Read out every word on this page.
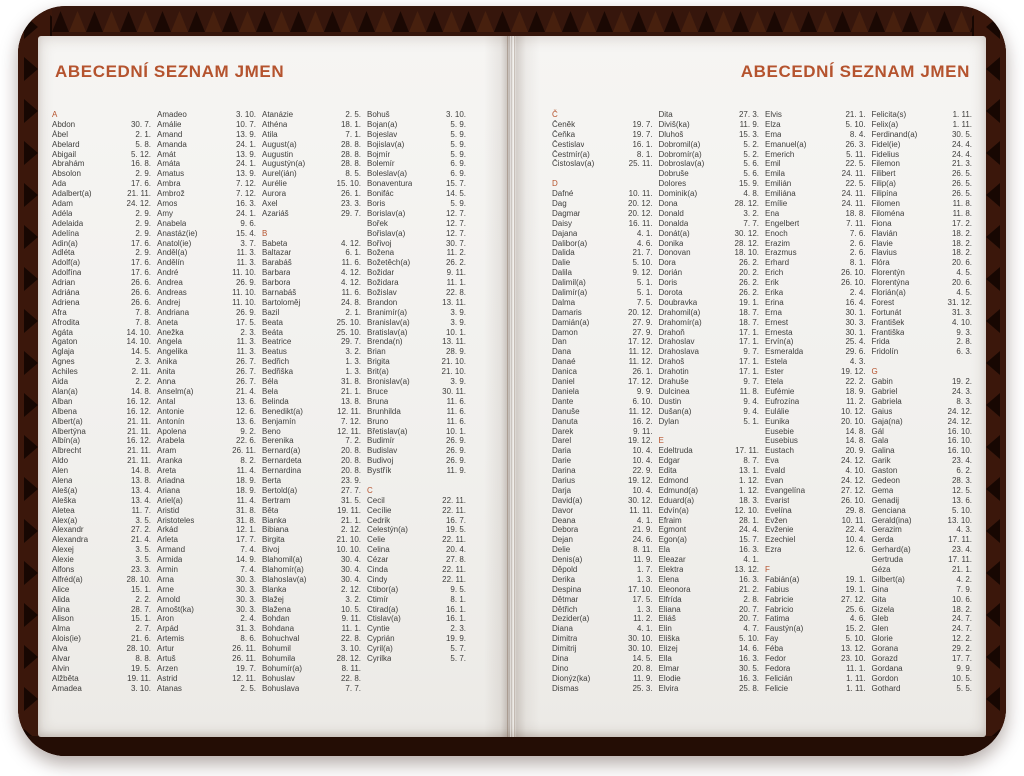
ABECEDNÍ SEZNAM JMEN
A
Abdon	30. 7.
Ábel	2. 1.
Abelard	5. 8.
Abigail	5. 12.
Abrahám	16. 8.
Absolon	2. 9.
Ada	17. 6.
Adalbert(a)	21. 11.
Adam	24. 12.
Adéla	2. 9.
Adelaida	2. 9.
Adelína	2. 9.
Adin(a)	17. 6.
Adléta	2. 9.
Adolf(a)	17. 6.
Adolfína	17. 6.
Adrian	26. 6.
Adriána	26. 6.
Adriena	26. 6.
Afra	7. 8.
Afrodita	7. 8.
Agáta	14. 10.
Agaton	14. 10.
Aglaja	14. 5.
Agnes	2. 3.
Achiles	2. 11.
Aida	2. 2.
Alan(a)	14. 8.
Alban	16. 12.
Albena	16. 12.
Albert(a)	21. 11.
Albertýna	21. 11.
Albín(a)	16. 12.
Albrecht	21. 11.
Aldo	21. 11.
Alen	14. 8.
Alena	13. 8.
Aleš(a)	13. 4.
Aleška	13. 4.
Aletea	11. 7.
Alex(a)	3. 5.
Alexandr	27. 2.
Alexandra	21. 4.
Alexej	3. 5.
Alexie	3. 5.
Alfons	23. 3.
Alfréd(a)	28. 10.
Alice	15. 1.
Alida	2. 2.
Alina	28. 7.
Alison	15. 1.
Alma	2. 7.
Alois(ie)	21. 6.
Alva	28. 10.
Alvar	8. 8.
Alvin	19. 5.
Alžběta	19. 11.
Amadea	3. 10.
Amadeo	3. 10.
Amálie	10. 7.
Amand	13. 9.
Amanda	24. 1.
Amát	13. 9.
Amáta	24. 1.
Amatus	13. 9.
Ambra	7. 12.
Ambrož	7. 12.
Amos	16. 3.
Amy	24. 1.
Anabela	9. 6.
Anastáz(ie)	15. 4.
Anatol(ie)	3. 7.
Anděl(a)	11. 3.
Andělín	11. 3.
André	11. 10.
Andrea	26. 9.
Andreas	11. 10.
Andrej	11. 10.
Andriana	26. 9.
Aneta	17. 5.
Anežka	2. 3.
Angela	11. 3.
Angelika	11. 3.
Anika	26. 7.
Anita	26. 7.
Anna	26. 7.
Anselm(a)	21. 4.
Antal	13. 6.
Antonie	12. 6.
Antonín	13. 6.
Apolena	9. 2.
Arabela	22. 6.
Aram	26. 11.
Aranka	8. 2.
Areta	11. 4.
Ariadna	18. 9.
Ariana	18. 9.
Ariel(a)	11. 4.
Aristid	31. 8.
Aristoteles	31. 8.
Arkád	12. 1.
Arleta	17. 7.
Armand	7. 4.
Armida	14. 9.
Armin	7. 4.
Arna	30. 3.
Arne	30. 3.
Arnold	30. 3.
Arnošt(ka)	30. 3.
Aron	2. 4.
Arpád	31. 3.
Artemis	8. 6.
Artur	26. 11.
Artuš	26. 11.
Arzen	19. 7.
Astrid	12. 11.
Atanas	2. 5.
Atanázie	2. 5.
Athéna	18. 1.
Atila	7. 1.
August(a)	28. 8.
Augustin	28. 8.
Augustýn(a)	28. 8.
Aurel(ián)	8. 5.
Aurélie	15. 10.
Aurora	26. 1.
Axel	23. 3.
Azariáš	29. 7.
B
Babeta	4. 12.
Baltazar	6. 1.
Barabáš	11. 6.
Barbara	4. 12.
Barbora	4. 12.
Barnabáš	11. 6.
Bartoloměj	24. 8.
Bazil	2. 1.
Beata	25. 10.
Beáta	25. 10.
Beatrice	29. 7.
Beatus	3. 2.
Bedřich	1. 3.
Bedřiška	1. 3.
Béla	31. 8.
Bela	21. 1.
Belinda	13. 8.
Benedikt(a)	12. 11.
Benjamín	7. 12.
Beno	12. 11.
Berenika	7. 2.
Bernard(a)	20. 8.
Bernardeta	20. 8.
Bernardina	20. 8.
Berta	23. 9.
Bertold(a)	27. 7.
Bertram	31. 5.
Běta	19. 11.
Bianka	21. 1.
Bibiana	2. 12.
Birgita	21. 10.
Bivoj	10. 10.
Blahomil(a)	30. 4.
Blahomír(a)	30. 4.
Blahoslav(a)	30. 4.
Blanka	2. 12.
Blažej	3. 2.
Blažena	10. 5.
Bohdan	9. 11.
Bohdana	11. 1.
Bohuchval	22. 8.
Bohumil	3. 10.
Bohumila	28. 12.
Bohumír(a)	8. 11.
Bohuslav	22. 8.
Bohuslava	7. 7.
Bohuš	3. 10.
Bojan(a)	5. 9.
Bojeslav	5. 9.
Bojislav(a)	5. 9.
Bojmír	5. 9.
Bolemír	6. 9.
Boleslav(a)	6. 9.
Bonaventura	15. 7.
Bonifác	14. 5.
Boris	5. 9.
Borislav(a)	12. 7.
Bořek	12. 7.
Bořislav(a)	12. 7.
Bořivoj	30. 7.
Božena	11. 2.
Božetěch(a)	26. 2.
Božidar	9. 11.
Božidara	11. 1.
Božislav	22. 8.
Brandon	13. 11.
Branimír(a)	3. 9.
Branislav(a)	3. 9.
Bratislav(a)	10. 1.
Brenda(n)	13. 11.
Brian	28. 9.
Brigita	21. 10.
Brit(a)	21. 10.
Bronislav(a)	3. 9.
Bruce	30. 11.
Bruna	11. 6.
Brunhilda	11. 6.
Bruno	11. 6.
Břetislav(a)	10. 1.
Budimír	26. 9.
Budislav	26. 9.
Budivoj	26. 9.
Bystřík	11. 9.
C
Cecil	22. 11.
Cecílie	22. 11.
Cedrik	16. 7.
Celestýn(a)	19. 5.
Celie	22. 11.
Celina	20. 4.
Cézar	27. 8.
Cinda	22. 11.
Cindy	22. 11.
Ctibor(a)	9. 5.
Ctimír	8. 1.
Ctirad(a)	16. 1.
Ctislav(a)	16. 1.
Cyntie	2. 3.
Cyprián	19. 9.
Cyril(a)	5. 7.
Cyrilka	5. 7.
ABECEDNÍ SEZNAM JMEN
Č
Čeněk	19. 7.
Čeňka	19. 7.
Čestislav	16. 1.
Čestmír(a)	8. 1.
Čistoslav(a)	25. 11.
D
Dafné	10. 11.
Dag	20. 12.
Dagmar	20. 12.
Daisy	16. 11.
Dajana	4. 1.
Dalibor(a)	4. 6.
Dalida	21. 7.
Dalie	5. 10.
Dalila	9. 12.
Dalimil(a)	5. 1.
Dalimír(a)	5. 1.
Dalma	7. 5.
Damaris	20. 12.
Damián(a)	27. 9.
Damon	27. 9.
Dan	17. 12.
Dana	11. 12.
Danaé	11. 12.
Danica	26. 1.
Daniel	17. 12.
Daniela	9. 9.
Dante	6. 10.
Danuše	11. 12.
Danuta	16. 2.
Darek	9. 11.
Darel	19. 12.
Daria	10. 4.
Darie	10. 4.
Darina	22. 9.
Darius	19. 12.
Darja	10. 4.
David(a)	30. 12.
Davor	11. 11.
Deana	4. 1.
Debora	21. 9.
Dejan	24. 6.
Delie	8. 11.
Denis(a)	11. 9.
Děpold	1. 7.
Derika	1. 3.
Despina	17. 10.
Dětmar	17. 5.
Dětřich	1. 3.
Dezider(a)	11. 2.
Diana	4. 1.
Dimitra	30. 10.
Dimitrij	30. 10.
Dina	14. 5.
Dino	20. 8.
Dionýz(ka)	11. 9.
Dismas	25. 3.
Dita	27. 3.
Diviš(ka)	11. 9.
Dluhoš	15. 3.
Dobromil(a)	5. 2.
Dobromír(a)	5. 2.
Dobroslav(a)	5. 6.
Dobruše	5. 6.
Dolores	15. 9.
Dominik(a)	4. 8.
Dona	28. 12.
Donald	3. 2.
Donalda	7. 7.
Donát(a)	30. 12.
Donika	28. 12.
Donovan	18. 10.
Dora	26. 2.
Dorián	20. 2.
Doris	26. 2.
Dorota	26. 2.
Doubravka	19. 1.
Drahomil(a)	18. 7.
Drahomír(a)	18. 7.
Drahoň	17. 1.
Drahoslav	17. 1.
Drahoslava	9. 7.
Drahoš	17. 1.
Drahotin	17. 1.
Drahuše	9. 7.
Dulcinea	11. 8.
Dustin	9. 4.
Dušan(a)	9. 4.
Dylan	5. 1.
E
Edeltruda	17. 11.
Edgar	8. 7.
Edita	13. 1.
Edmond	1. 12.
Edmund(a)	1. 12.
Eduard(a)	18. 3.
Edvín(a)	12. 10.
Efraim	28. 1.
Egmont	24. 4.
Egon(a)	15. 7.
Ela	16. 3.
Eleazar	4. 1.
Elektra	13. 12.
Elena	16. 3.
Eleonora	21. 2.
Elfrída	2. 8.
Eliana	20. 7.
Eliáš	20. 7.
Elin	4. 7.
Eliška	5. 10.
Elizej	14. 6.
Ella	16. 3.
Elmar	30. 5.
Elodie	16. 3.
Elvira	25. 8.
Elvis	21. 1.
Elza	5. 10.
Ema	8. 4.
Emanuel(a)	26. 3.
Emerich	5. 11.
Emil	22. 5.
Emila	24. 11.
Emilián	22. 5.
Emiliána	24. 11.
Emílie	24. 11.
Ena	18. 8.
Engelbert	7. 11.
Enoch	7. 6.
Erazim	2. 6.
Erazmus	2. 6.
Erhard	8. 1.
Erich	26. 10.
Erik	26. 10.
Erika	2. 4.
Erina	16. 4.
Erna	30. 1.
Ernest	30. 3.
Ernesta	30. 1.
Ervín(a)	25. 4.
Esmeralda	29. 6.
Estela	4. 3.
Ester	19. 12.
Etela	22. 2.
Eufémie	18. 9.
Eufrozína	11. 2.
Eulálie	10. 12.
Eunika	20. 10.
Eusebie	14. 8.
Eusebius	14. 8.
Eustach	20. 9.
Eva	24. 12.
Evald	4. 10.
Evan	24. 12.
Evangelína	27. 12.
Evarist	26. 10.
Evelína	29. 8.
Evžen	10. 11.
Evženie	22. 4.
Ezechiel	10. 4.
Ezra	12. 6.
F
Fabián(a)	19. 1.
Fabius	19. 1.
Fabricie	27. 12.
Fabricio	25. 6.
Fatima	4. 6.
Faustýn(a)	15. 2.
Fay	5. 10.
Féba	13. 12.
Fedor	23. 10.
Fedora	11. 1.
Felicián	1. 11.
Felicie	1. 11.
Felicita(s)	1. 11.
Felix(a)	1. 11.
Ferdinand(a)	30. 5.
Fidel(ie)	24. 4.
Fidelius	24. 4.
Filemon	21. 3.
Filibert	26. 5.
Filip(a)	26. 5.
Filipína	26. 5.
Filomen	11. 8.
Filoména	11. 8.
Fiona	17. 2.
Flavián	18. 2.
Flavie	18. 2.
Flavius	18. 2.
Flóra	20. 6.
Florentýn	4. 5.
Florentýna	20. 6.
Florián(a)	4. 5.
Forest	31. 12.
Fortunát	31. 3.
František	4. 10.
Františka	9. 3.
Frida	2. 8.
Fridolín	6. 3.
G
Gabin	19. 2.
Gabriel	24. 3.
Gabriela	8. 3.
Gaius	24. 12.
Gaja(na)	24. 12.
Gál	16. 10.
Gala	16. 10.
Galina	16. 10.
Garik	23. 4.
Gaston	6. 2.
Gedeon	28. 3.
Gema	12. 5.
Genadij	13. 6.
Genciana	5. 10.
Gerald(ina)	13. 10.
Gerazim	4. 3.
Gerda	17. 11.
Gerhard(a)	23. 4.
Gertruda	17. 11.
Géza	21. 1.
Gilbert(a)	4. 2.
Gina	7. 9.
Gita	10. 6.
Gizela	18. 2.
Gleb	24. 7.
Glen	24. 7.
Glorie	12. 2.
Gorana	29. 2.
Gorazd	17. 7.
Gordana	9. 9.
Gordon	10. 5.
Gothard	5. 5.
